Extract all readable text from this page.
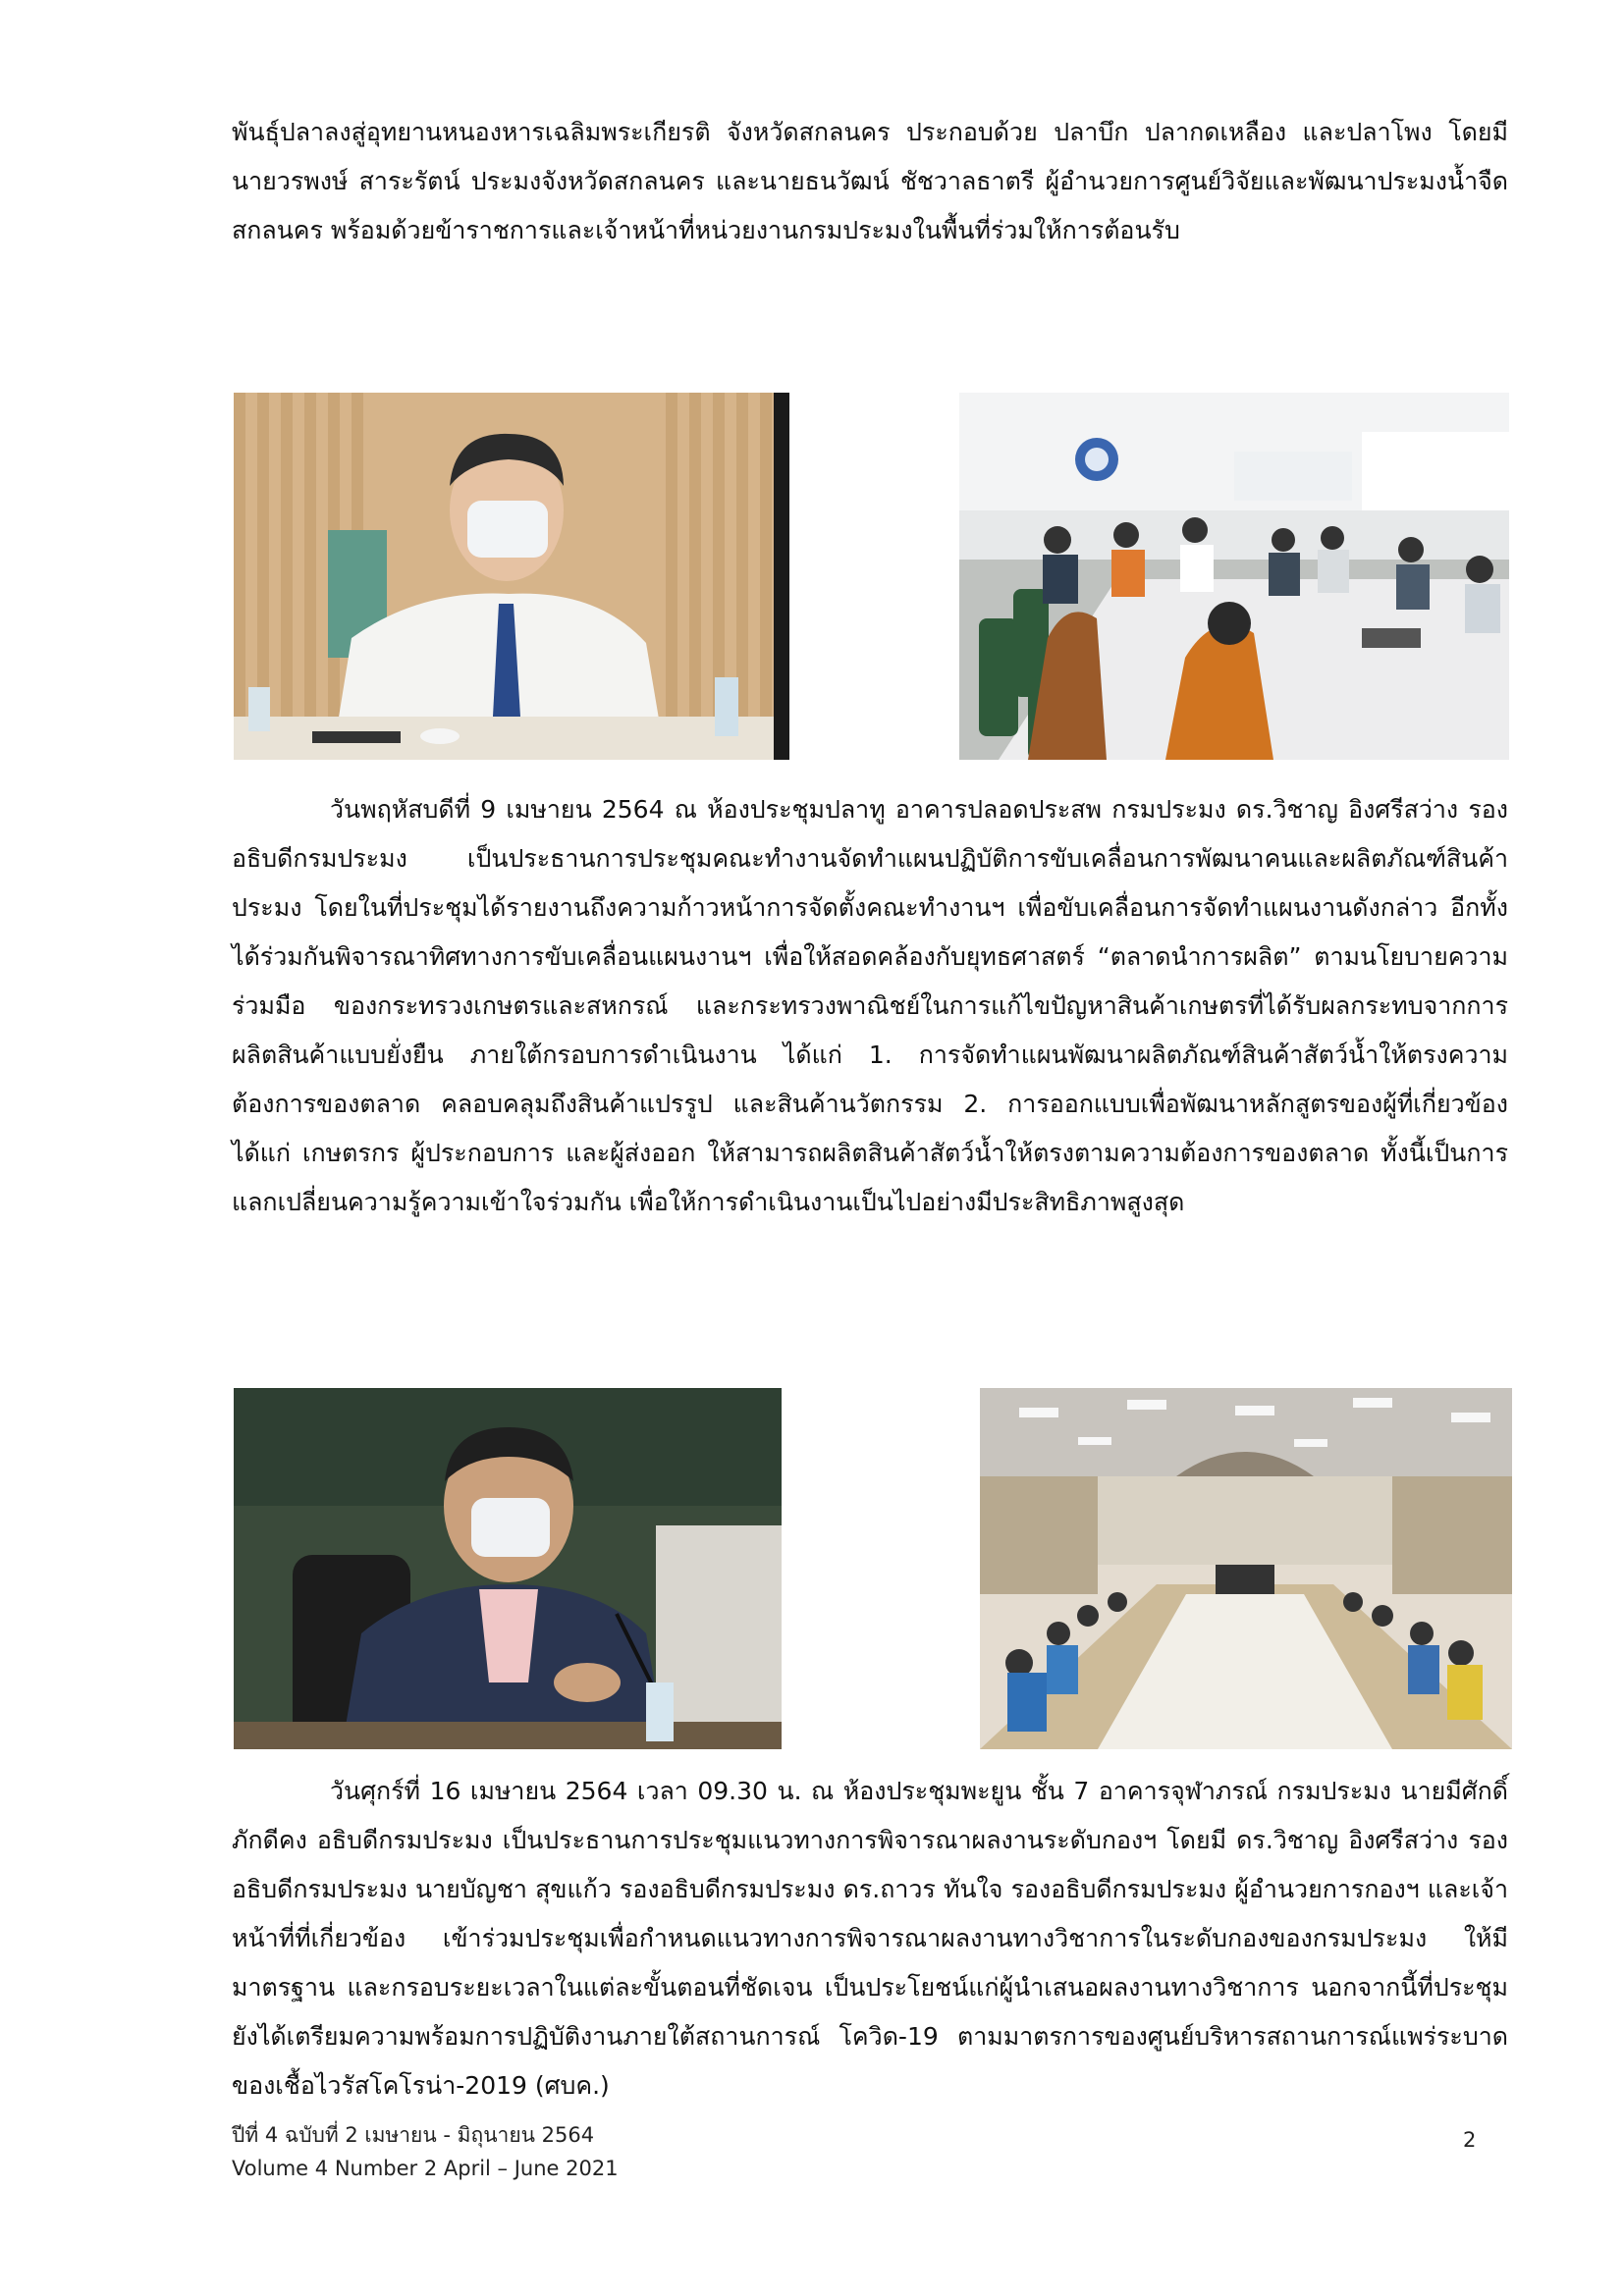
พันธุ์ปลาลงสู่อุทยานหนองหารเฉลิมพระเกียรติ จังหวัดสกลนคร ประกอบด้วย ปลาบึก ปลากดเหลือง และปลาโพง โดยมี นายวรพงษ์ สาระรัตน์ ประมงจังหวัดสกลนคร และนายธนวัฒน์ ชัชวาลธาตรี ผู้อำนวยการศูนย์วิจัยและพัฒนาประมงน้ำจืดสกลนคร พร้อมด้วยข้าราชการและเจ้าหน้าที่หน่วยงานกรมประมงในพื้นที่ร่วมให้การต้อนรับ

วันพฤหัสบดีที่ 9 เมษายน 2564 ณ ห้องประชุมปลาทู อาคารปลอดประสพ กรมประมง ดร.วิชาญ อิงศรีสว่าง รองอธิบดีกรมประมง เป็นประธานการประชุมคณะทำงานจัดทำแผนปฏิบัติการขับเคลื่อนการพัฒนาคนและผลิตภัณฑ์สินค้าประมง โดยในที่ประชุมได้รายงานถึงความก้าวหน้าการจัดตั้งคณะทำงานฯ เพื่อขับเคลื่อนการจัดทำแผนงานดังกล่าว อีกทั้งได้ร่วมกันพิจารณาทิศทางการขับเคลื่อนแผนงานฯ เพื่อให้สอดคล้องกับยุทธศาสตร์ “ตลาดนำการผลิต” ตามนโยบายความร่วมมือ ของกระทรวงเกษตรและสหกรณ์ และกระทรวงพาณิชย์ในการแก้ไขปัญหาสินค้าเกษตรที่ได้รับผลกระทบจากการผลิตสินค้าแบบยั่งยืน ภายใต้กรอบการดำเนินงาน ได้แก่ 1. การจัดทำแผนพัฒนาผลิตภัณฑ์สินค้าสัตว์น้ำให้ตรงความต้องการของตลาด คลอบคลุมถึงสินค้าแปรรูป และสินค้านวัตกรรม 2. การออกแบบเพื่อพัฒนาหลักสูตรของผู้ที่เกี่ยวข้อง ได้แก่ เกษตรกร ผู้ประกอบการ และผู้ส่งออก ให้สามารถผลิตสินค้าสัตว์น้ำให้ตรงตามความต้องการของตลาด ทั้งนี้เป็นการแลกเปลี่ยนความรู้ความเข้าใจร่วมกัน เพื่อให้การดำเนินงานเป็นไปอย่างมีประสิทธิภาพสูงสุด

วันศุกร์ที่ 16 เมษายน 2564 เวลา 09.30 น. ณ ห้องประชุมพะยูน ชั้น 7 อาคารจุฬาภรณ์ กรมประมง นายมีศักดิ์ ภักดีคง อธิบดีกรมประมง เป็นประธานการประชุมแนวทางการพิจารณาผลงานระดับกองฯ โดยมี ดร.วิชาญ อิงศรีสว่าง รองอธิบดีกรมประมง นายบัญชา สุขแก้ว รองอธิบดีกรมประมง ดร.ถาวร ทันใจ รองอธิบดีกรมประมง ผู้อำนวยการกองฯ และเจ้าหน้าที่ที่เกี่ยวข้อง เข้าร่วมประชุมเพื่อกำหนดแนวทางการพิจารณาผลงานทางวิชาการในระดับกองของกรมประมง ให้มีมาตรฐาน และกรอบระยะเวลาในแต่ละขั้นตอนที่ชัดเจน เป็นประโยชน์แก่ผู้นำเสนอผลงานทางวิชาการ นอกจากนี้ที่ประชุมยังได้เตรียมความพร้อมการปฏิบัติงานภายใต้สถานการณ์ โควิด-19 ตามมาตรการของศูนย์บริหารสถานการณ์แพร่ระบาดของเชื้อไวรัสโคโรน่า-2019 (ศบค.)

ปีที่ 4 ฉบับที่ 2 เมษายน - มิถุนายน 2564
Volume 4 Number 2 April – June 2021
2
